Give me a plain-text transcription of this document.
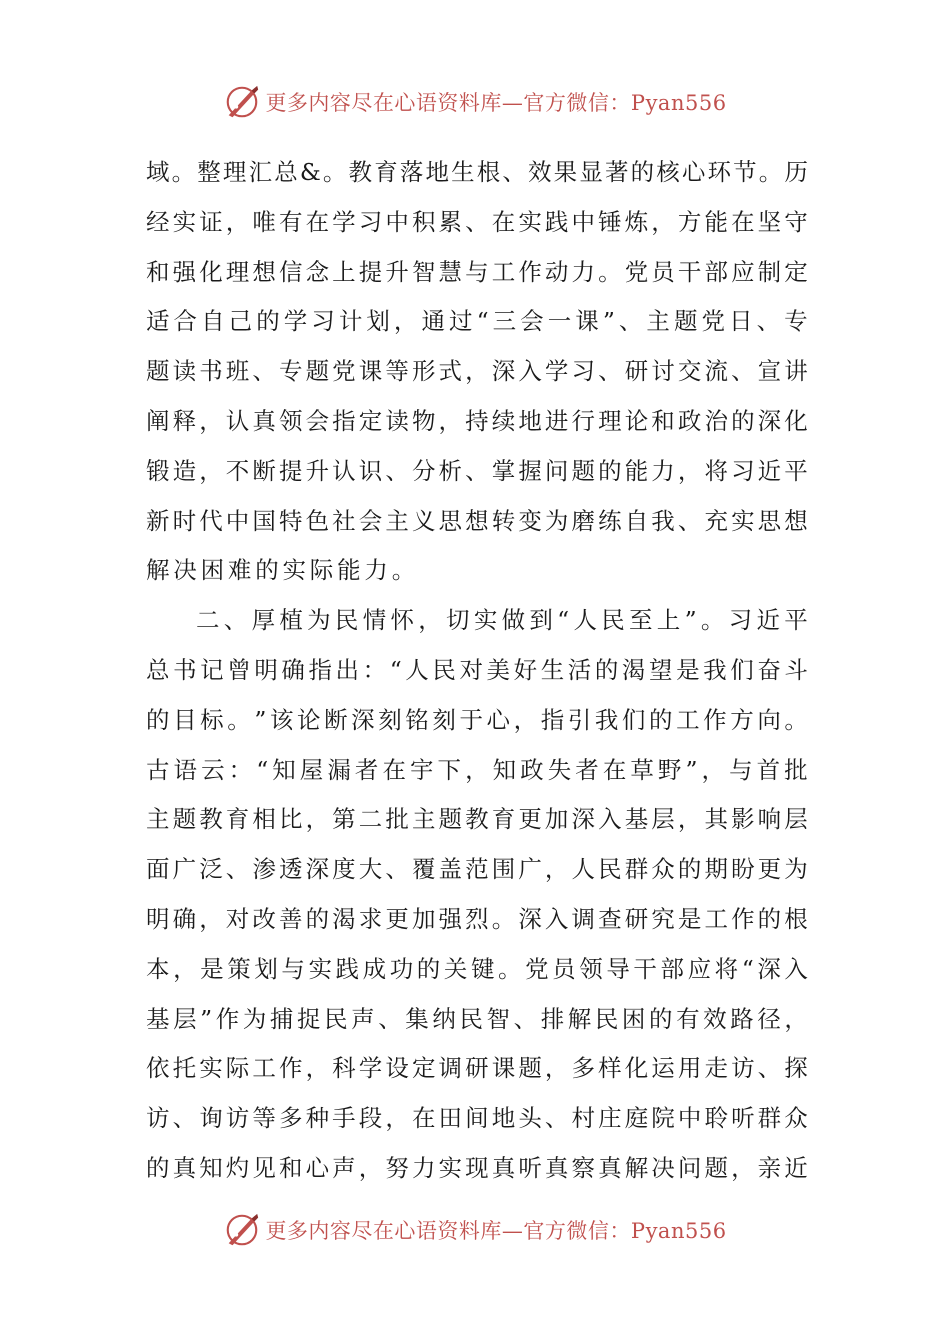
更多内容尽在心语资料库—官方微信：Pyan556
域 。 整 理 汇 总 & 。 教 育 落 地 生 根 、 效 果 显 著 的 核 心 环 节 。 历
经 实 证 ， 唯 有 在 学 习 中 积 累 、 在 实 践 中 锤 炼 ， 方 能 在 坚 守
和 强 化 理 想 信 念 上 提 升 智 慧 与 工 作 动 力 。 党 员 干 部 应 制 定
适 合 自 己 的 学 习 计 划 ， 通 过 “ 三 会 一 课 ” 、 主 题 党 日 、 专
题 读 书 班 、 专 题 党 课 等 形 式 ， 深 入 学 习 、 研 讨 交 流 、 宣 讲
阐 释 ， 认 真 领 会 指 定 读 物 ， 持 续 地 进 行 理 论 和 政 治 的 深 化
锻 造 ， 不 断 提 升 认 识 、 分 析 、 掌 握 问 题 的 能 力 ， 将 习 近 平
新 时 代 中 国 特 色 社 会 主 义 思 想 转 变 为 磨 练 自 我 、 充 实 思 想
解决困难的实际能力。
二 、 厚 植 为 民 情 怀 ， 切 实 做 到 “ 人 民 至 上 ” 。 习 近 平
总 书 记 曾 明 确 指 出 ： “ 人 民 对 美 好 生 活 的 渴 望 是 我 们 奋 斗
的 目 标 。 ” 该 论 断 深 刻 铭 刻 于 心 ， 指 引 我 们 的 工 作 方 向 。
古 语 云 ： “ 知 屋 漏 者 在 宇 下 ， 知 政 失 者 在 草 野 ” ， 与 首 批
主 题 教 育 相 比 ， 第 二 批 主 题 教 育 更 加 深 入 基 层 ， 其 影 响 层
面 广 泛 、 渗 透 深 度 大 、 覆 盖 范 围 广 ， 人 民 群 众 的 期 盼 更 为
明 确 ， 对 改 善 的 渴 求 更 加 强 烈 。 深 入 调 查 研 究 是 工 作 的 根
本 ， 是 策 划 与 实 践 成 功 的 关 键 。 党 员 领 导 干 部 应 将 “ 深 入
基 层 ” 作 为 捕 捉 民 声 、 集 纳 民 智 、 排 解 民 困 的 有 效 路 径 ，
依 托 实 际 工 作 ， 科 学 设 定 调 研 课 题 ， 多 样 化 运 用 走 访 、 探
访 、 询 访 等 多 种 手 段 ， 在 田 间 地 头 、 村 庄 庭 院 中 聆 听 群 众
的 真 知 灼 见 和 心 声 ， 努 力 实 现 真 听 真 察 真 解 决 问 题 ， 亲 近
更多内容尽在心语资料库—官方微信：Pyan556
